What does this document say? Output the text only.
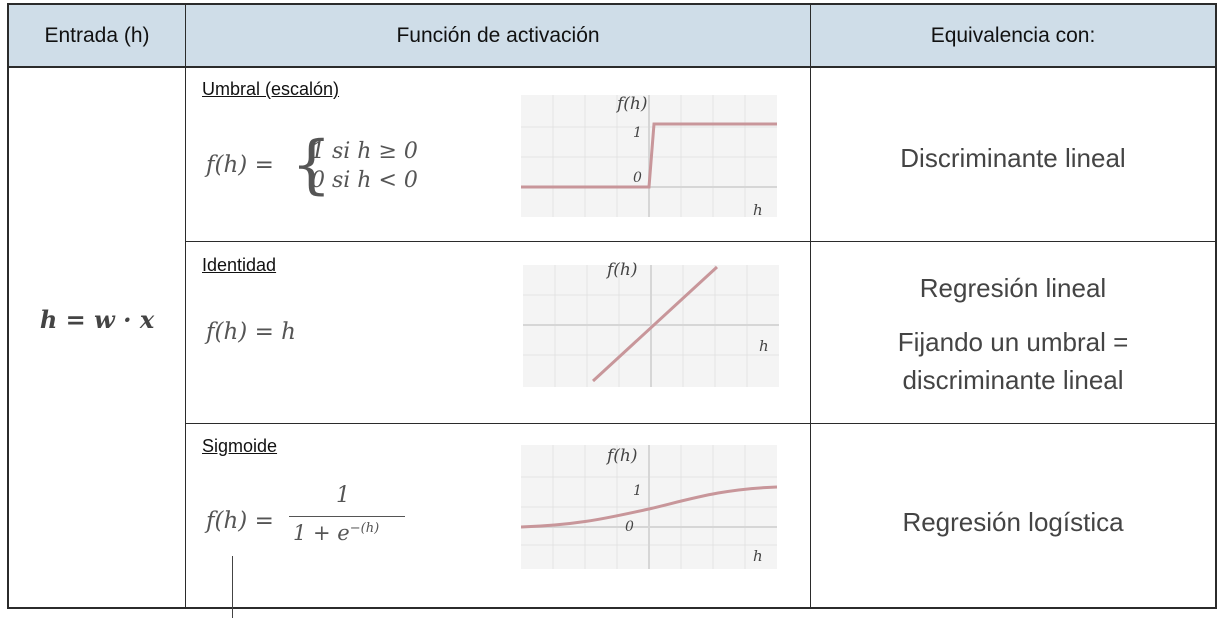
Entrada (h)	Función de activación	Equivalencia con:
h = w · x
Umbral (escalón)
f(h) = {
1 si h ≥ 0
0 si h < 0
f(h)
1
0
h
Discriminante lineal
Identidad
f(h) = h
f(h)
h
Regresión lineal
Fijando un umbral =
discriminante lineal
Sigmoide
f(h) =
1
$1 + e^{-(h)}$
f(h)
1
0
h
Regresión logística
